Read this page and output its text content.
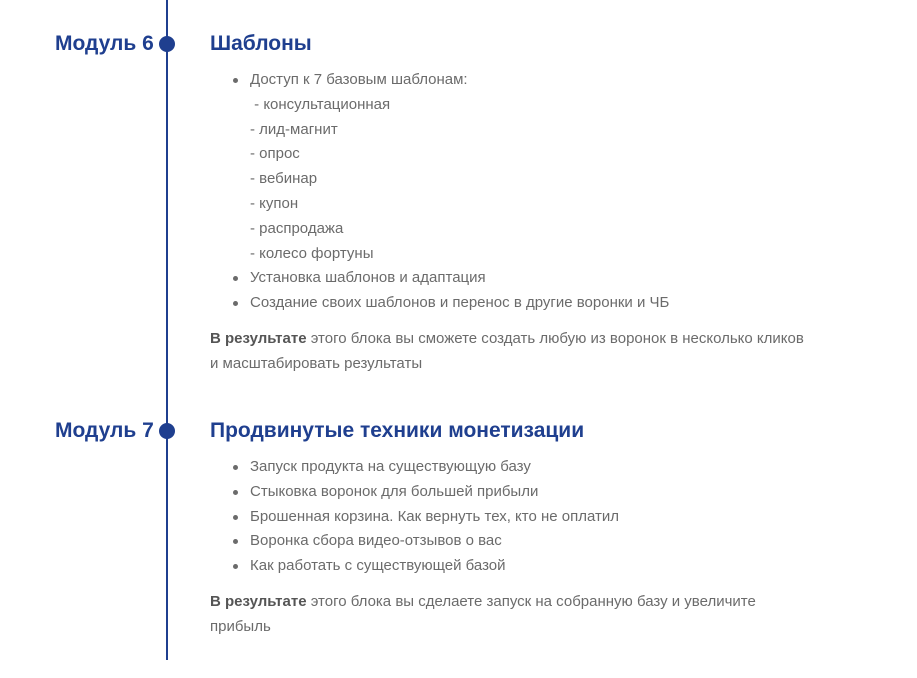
Модуль 6	Шаблоны
Доступ к 7 базовым шаблонам:
- консультационная
- лид-магнит
- опрос
- вебинар
- купон
- распродажа
- колесо фортуны
Установка шаблонов и адаптация
Создание своих шаблонов и перенос в другие воронки и ЧБ
В результате этого блока вы сможете создать любую из воронок в несколько кликов и масштабировать результаты
Модуль 7	Продвинутые техники монетизации
Запуск продукта на существующую базу
Стыковка воронок для большей прибыли
Брошенная корзина. Как вернуть тех, кто не оплатил
Воронка сбора видео-отзывов о вас
Как работать с существующей базой
В результате этого блока вы сделаете запуск на собранную базу и увеличите прибыль
